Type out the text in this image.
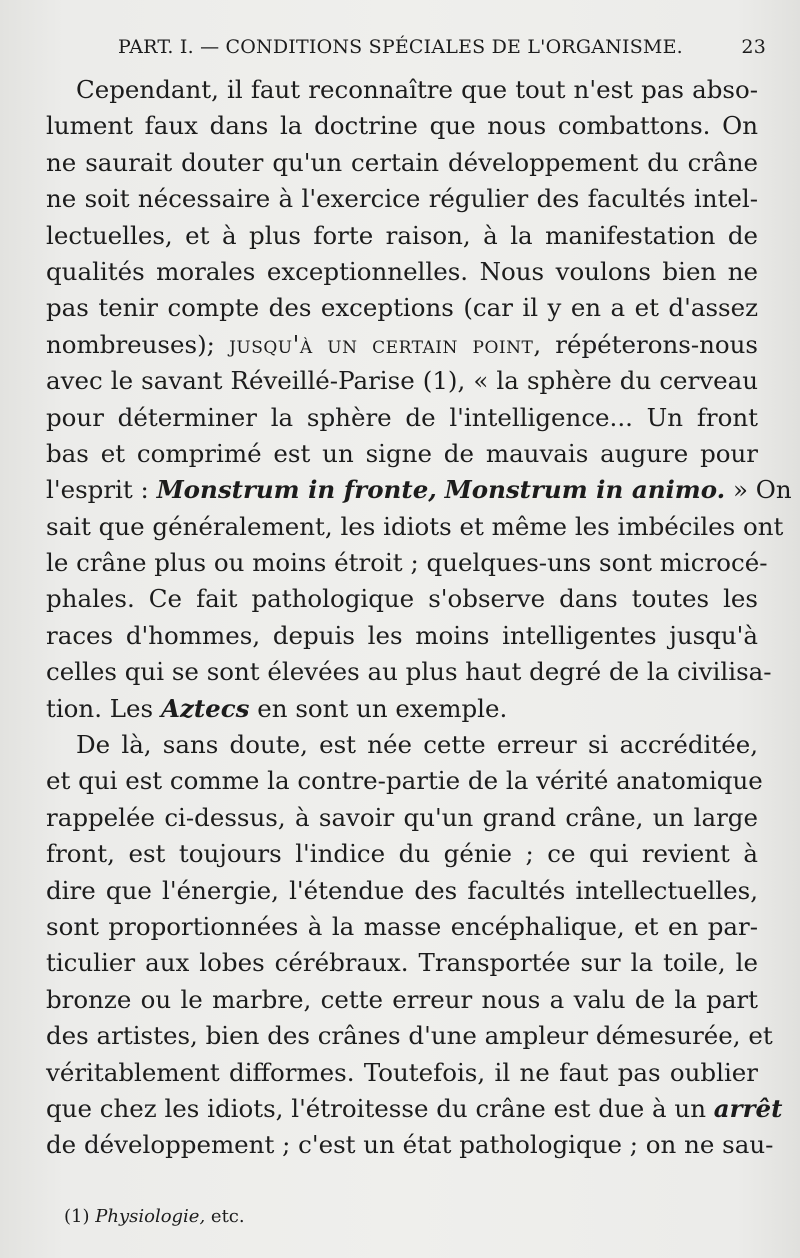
PART. I. — CONDITIONS SPÉCIALES DE L'ORGANISME.	23
Cependant, il faut reconnaître que tout n'est pas abso-
lument faux dans la doctrine que nous combattons. On
ne saurait douter qu'un certain développement du crâne
ne soit nécessaire à l'exercice régulier des facultés intel-
lectuelles, et à plus forte raison, à la manifestation de
qualités morales exceptionnelles. Nous voulons bien ne
pas tenir compte des exceptions (car il y en a et d'assez
nombreuses); jusqu'à un certain point, répéterons-nous
avec le savant Réveillé-Parise (1), « la sphère du cerveau
pour déterminer la sphère de l'intelligence... Un front
bas et comprimé est un signe de mauvais augure pour
l'esprit : Monstrum in fronte, Monstrum in animo. » On
sait que généralement, les idiots et même les imbéciles ont
le crâne plus ou moins étroit ; quelques-uns sont microcé-
phales. Ce fait pathologique s'observe dans toutes les
races d'hommes, depuis les moins intelligentes jusqu'à
celles qui se sont élevées au plus haut degré de la civilisa-
tion. Les Aztecs en sont un exemple.
De là, sans doute, est née cette erreur si accréditée,
et qui est comme la contre-partie de la vérité anatomique
rappelée ci-dessus, à savoir qu'un grand crâne, un large
front, est toujours l'indice du génie ; ce qui revient à
dire que l'énergie, l'étendue des facultés intellectuelles,
sont proportionnées à la masse encéphalique, et en par-
ticulier aux lobes cérébraux. Transportée sur la toile, le
bronze ou le marbre, cette erreur nous a valu de la part
des artistes, bien des crânes d'une ampleur démesurée, et
véritablement difformes. Toutefois, il ne faut pas oublier
que chez les idiots, l'étroitesse du crâne est due à un arrêt
de développement ; c'est un état pathologique ; on ne sau-
(1) Physiologie, etc.
